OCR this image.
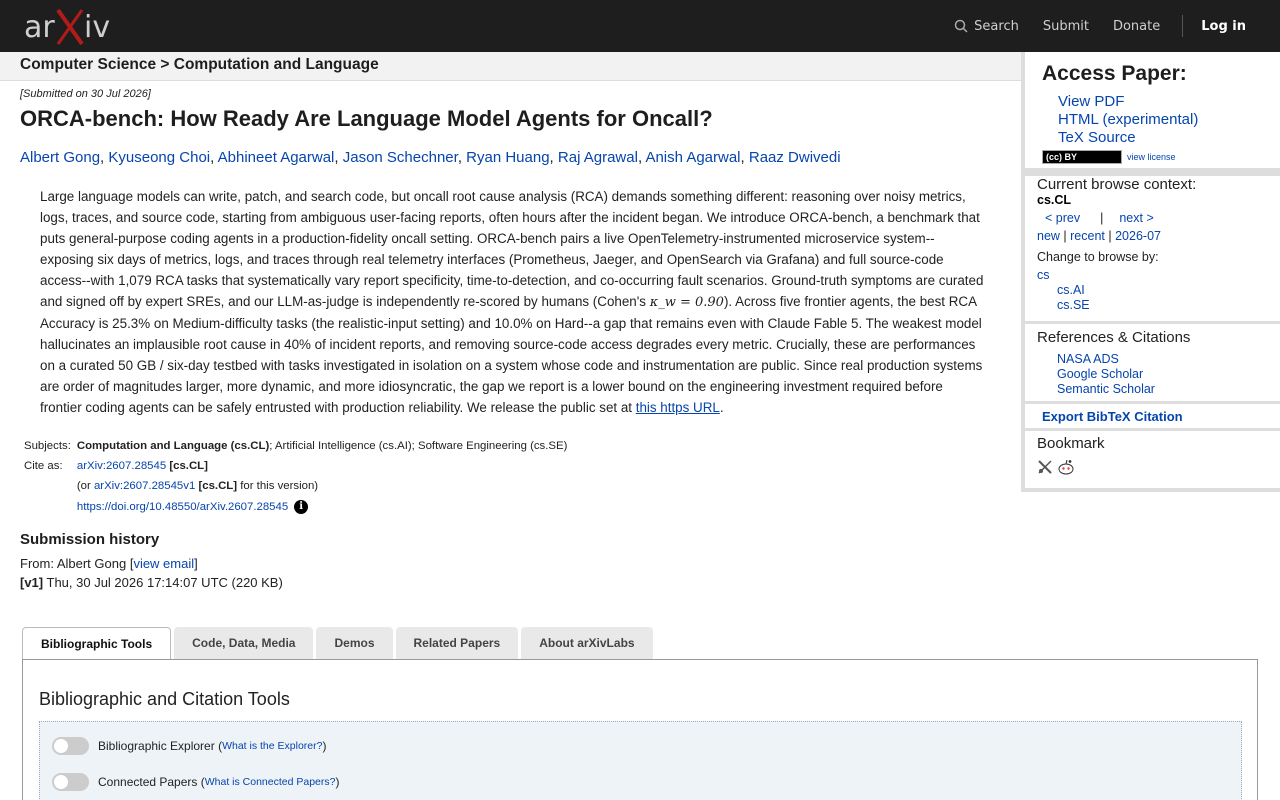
ar iv	Search Submit Donate	Log in
Computer Science > Computation and Language
[Submitted on 30 Jul 2026]
ORCA-bench: How Ready Are Language Model Agents for Oncall?
Albert Gong, Kyuseong Choi, Abhineet Agarwal, Jason Schechner, Ryan Huang, Raj Agrawal, Anish Agarwal, Raaz Dwivedi
Large language models can write, patch, and search code, but oncall root cause analysis (RCA) demands something different: reasoning over noisy metrics, logs, traces, and source code, starting from ambiguous user-facing reports, often hours after the incident began. We introduce ORCA-bench, a benchmark that puts general-purpose coding agents in a production-fidelity oncall setting. ORCA-bench pairs a live OpenTelemetry-instrumented microservice system--exposing six days of metrics, logs, and traces through real telemetry interfaces (Prometheus, Jaeger, and OpenSearch via Grafana) and full source-code access--with 1,079 RCA tasks that systematically vary report specificity, time-to-detection, and co-occurring fault scenarios. Ground-truth symptoms are curated and signed off by expert SREs, and our LLM-as-judge is independently re-scored by humans (Cohen's κ_w = 0.90). Across five frontier agents, the best RCA Accuracy is 25.3% on Medium-difficulty tasks (the realistic-input setting) and 10.0% on Hard--a gap that remains even with Claude Fable 5. The weakest model hallucinates an implausible root cause in 40% of incident reports, and removing source-code access degrades every metric. Crucially, these are performances on a curated 50 GB / six-day testbed with tasks investigated in isolation on a system whose code and instrumentation are public. Since real production systems are order of magnitudes larger, more dynamic, and more idiosyncratic, the gap we report is a lower bound on the engineering investment required before frontier coding agents can be safely entrusted with production reliability. We release the public set at this https URL.
Subjects:	Computation and Language (cs.CL); Artificial Intelligence (cs.AI); Software Engineering (cs.SE)
Cite as:	arXiv:2607.28545 [cs.CL]
	(or arXiv:2607.28545v1 [cs.CL] for this version)
	https://doi.org/10.48550/arXiv.2607.28545 i
Submission history
From: Albert Gong [view email]
[v1] Thu, 30 Jul 2026 17:14:07 UTC (220 KB)
Bibliographic Tools	Code, Data, Media	Demos	Related Papers	About arXivLabs
Bibliographic and Citation Tools
Bibliographic Explorer ( What is the Explorer? )
Connected Papers ( What is Connected Papers? )
Access Paper:
View PDF
HTML (experimental)
TeX Source
(cc) BY	view license
Current browse context:
cs.CL
< prev | next >
new | recent | 2026-07
Change to browse by:
cs
cs.AI
cs.SE
References & Citations
NASA ADS
Google Scholar
Semantic Scholar
Export BibTeX Citation
Bookmark
